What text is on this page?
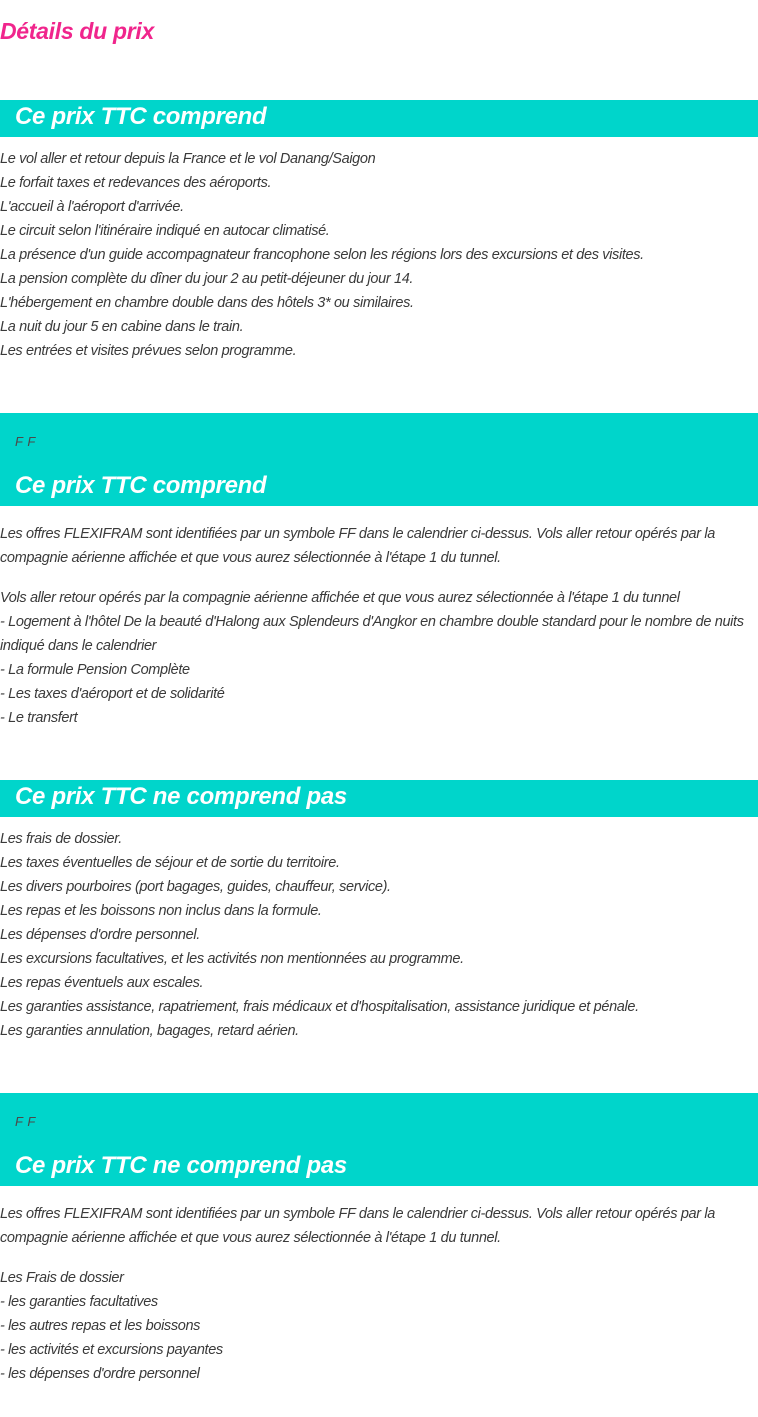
Détails du prix
Ce prix TTC comprend
Le vol aller et retour depuis la France et le vol Danang/Saigon
Le forfait taxes et redevances des aéroports.
L'accueil à l'aéroport d'arrivée.
Le circuit selon l'itinéraire indiqué en autocar climatisé.
La présence d'un guide accompagnateur francophone selon les régions lors des excursions et des visites.
La pension complète du dîner du jour 2 au petit-déjeuner du jour 14.
L'hébergement en chambre double dans des hôtels 3* ou similaires.
La nuit du jour 5 en cabine dans le train.
Les entrées et visites prévues selon programme.
F F
Ce prix TTC comprend

Les offres FLEXIFRAM sont identifiées par un symbole FF dans le calendrier ci-dessus. Vols aller retour opérés par la compagnie aérienne affichée et que vous aurez sélectionnée à l'étape 1 du tunnel.

Vols aller retour opérés par la compagnie aérienne affichée et que vous aurez sélectionnée à l'étape 1 du tunnel
- Logement à l'hôtel De la beauté d'Halong aux Splendeurs d'Angkor en chambre double standard pour le nombre de nuits indiqué dans le calendrier
- La formule Pension Complète
- Les taxes d'aéroport et de solidarité
- Le transfert
Ce prix TTC ne comprend pas
Les frais de dossier.
Les taxes éventuelles de séjour et de sortie du territoire.
Les divers pourboires (port bagages, guides, chauffeur, service).
Les repas et les boissons non inclus dans la formule.
Les dépenses d'ordre personnel.
Les excursions facultatives, et les activités non mentionnées au programme.
Les repas éventuels aux escales.
Les garanties assistance, rapatriement, frais médicaux et d'hospitalisation, assistance juridique et pénale.
Les garanties annulation, bagages, retard aérien.
F F
Ce prix TTC ne comprend pas

Les offres FLEXIFRAM sont identifiées par un symbole FF dans le calendrier ci-dessus. Vols aller retour opérés par la compagnie aérienne affichée et que vous aurez sélectionnée à l'étape 1 du tunnel.

Les Frais de dossier
- les garanties facultatives
- les autres repas et les boissons
- les activités et excursions payantes
- les dépenses d'ordre personnel
